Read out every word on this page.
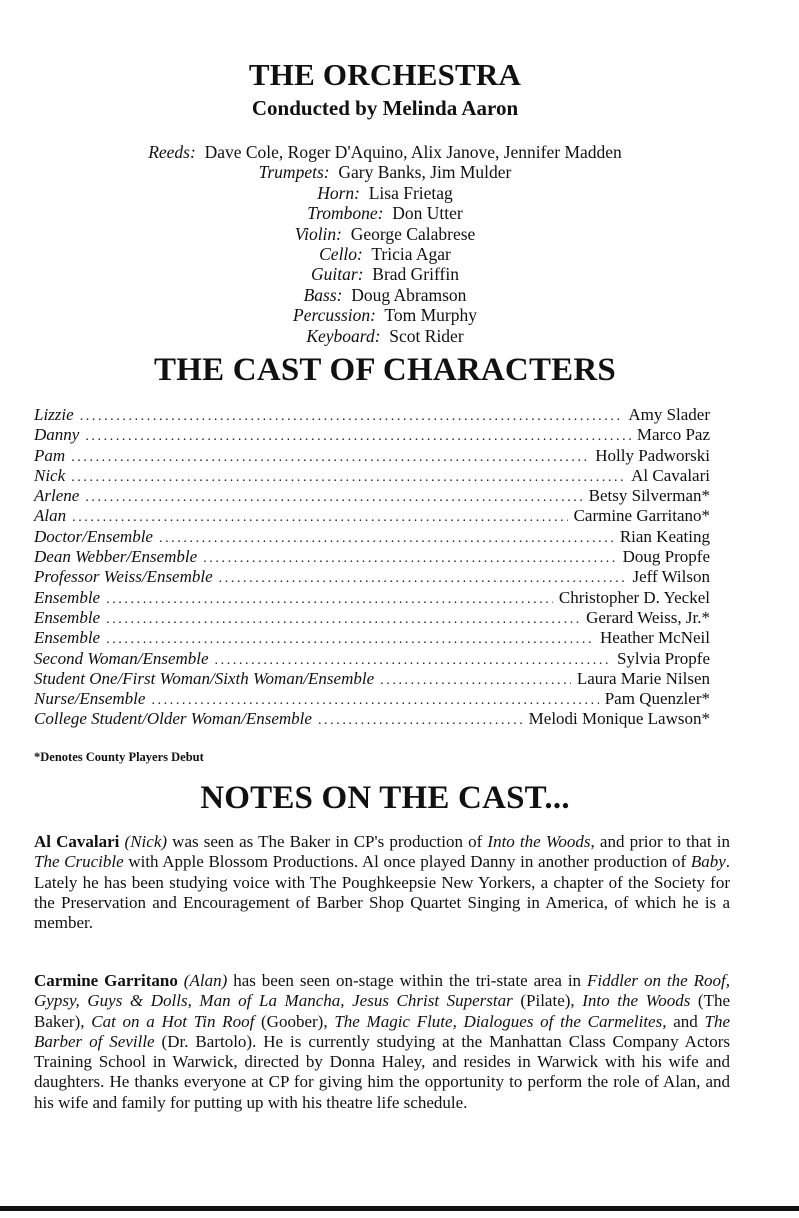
THE ORCHESTRA
Conducted by Melinda Aaron
Reeds: Dave Cole, Roger D'Aquino, Alix Janove, Jennifer Madden
Trumpets: Gary Banks, Jim Mulder
Horn: Lisa Frietag
Trombone: Don Utter
Violin: George Calabrese
Cello: Tricia Agar
Guitar: Brad Griffin
Bass: Doug Abramson
Percussion: Tom Murphy
Keyboard: Scot Rider
THE CAST OF CHARACTERS
Lizzie .....	Amy Slader
Danny .....	Marco Paz
Pam .....	Holly Padworski
Nick .....	Al Cavalari
Arlene .....	Betsy Silverman*
Alan .....	Carmine Garritano*
Doctor/Ensemble .....	Rian Keating
Dean Webber/Ensemble .....	Doug Propfe
Professor Weiss/Ensemble .....	Jeff Wilson
Ensemble .....	Christopher D. Yeckel
Ensemble .....	Gerard Weiss, Jr.*
Ensemble .....	Heather McNeil
Second Woman/Ensemble .....	Sylvia Propfe
Student One/First Woman/Sixth Woman/Ensemble .....	Laura Marie Nilsen
Nurse/Ensemble .....	Pam Quenzler*
College Student/Older Woman/Ensemble .....	Melodi Monique Lawson*
*Denotes County Players Debut
NOTES ON THE CAST...
Al Cavalari (Nick) was seen as The Baker in CP's production of Into the Woods, and prior to that in The Crucible with Apple Blossom Productions. Al once played Danny in another production of Baby. Lately he has been studying voice with The Poughkeepsie New Yorkers, a chapter of the Society for the Preservation and Encouragement of Barber Shop Quartet Singing in America, of which he is a member.
Carmine Garritano (Alan) has been seen on-stage within the tri-state area in Fiddler on the Roof, Gypsy, Guys & Dolls, Man of La Mancha, Jesus Christ Superstar (Pilate), Into the Woods (The Baker), Cat on a Hot Tin Roof (Goober), The Magic Flute, Dialogues of the Carmelites, and The Barber of Seville (Dr. Bartolo). He is currently studying at the Manhattan Class Company Actors Training School in Warwick, directed by Donna Haley, and resides in Warwick with his wife and daughters. He thanks everyone at CP for giving him the opportunity to perform the role of Alan, and his wife and family for putting up with his theatre life schedule.
